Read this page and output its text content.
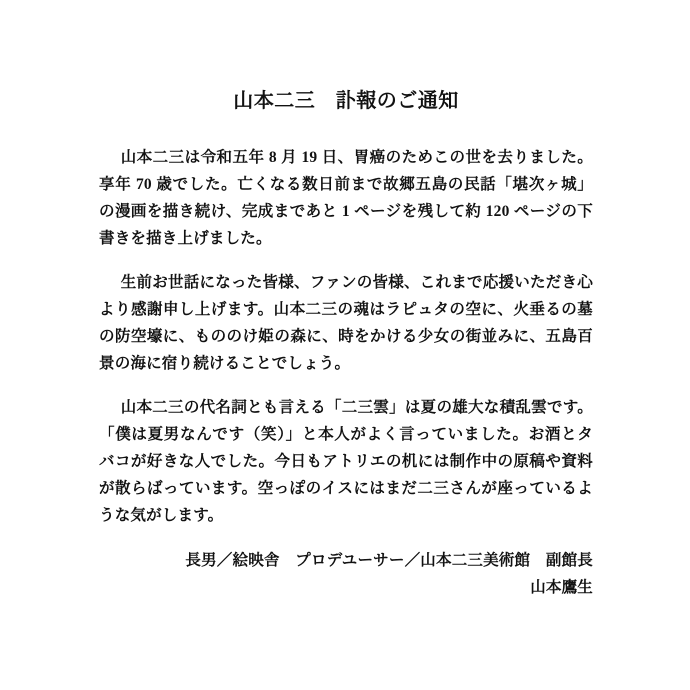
山本二三　訃報のご通知

山本二三は令和五年 8 月 19 日、胃癌のためこの世を去りました。享年 70 歳でした。亡くなる数日前まで故郷五島の民話「堪次ヶ城」の漫画を描き続け、完成まであと 1 ページを残して約 120 ページの下書きを描き上げました。

生前お世話になった皆様、ファンの皆様、これまで応援いただき心より感謝申し上げます。山本二三の魂はラピュタの空に、火垂るの墓の防空壕に、もののけ姫の森に、時をかける少女の街並みに、五島百景の海に宿り続けることでしょう。

山本二三の代名詞とも言える「二三雲」は夏の雄大な積乱雲です。「僕は夏男なんです（笑）」と本人がよく言っていました。お酒とタバコが好きな人でした。今日もアトリエの机には制作中の原稿や資料が散らばっています。空っぽのイスにはまだ二三さんが座っているような気がします。

長男／絵映舎　プロデユーサー／山本二三美術館　副館長
山本鷹生
